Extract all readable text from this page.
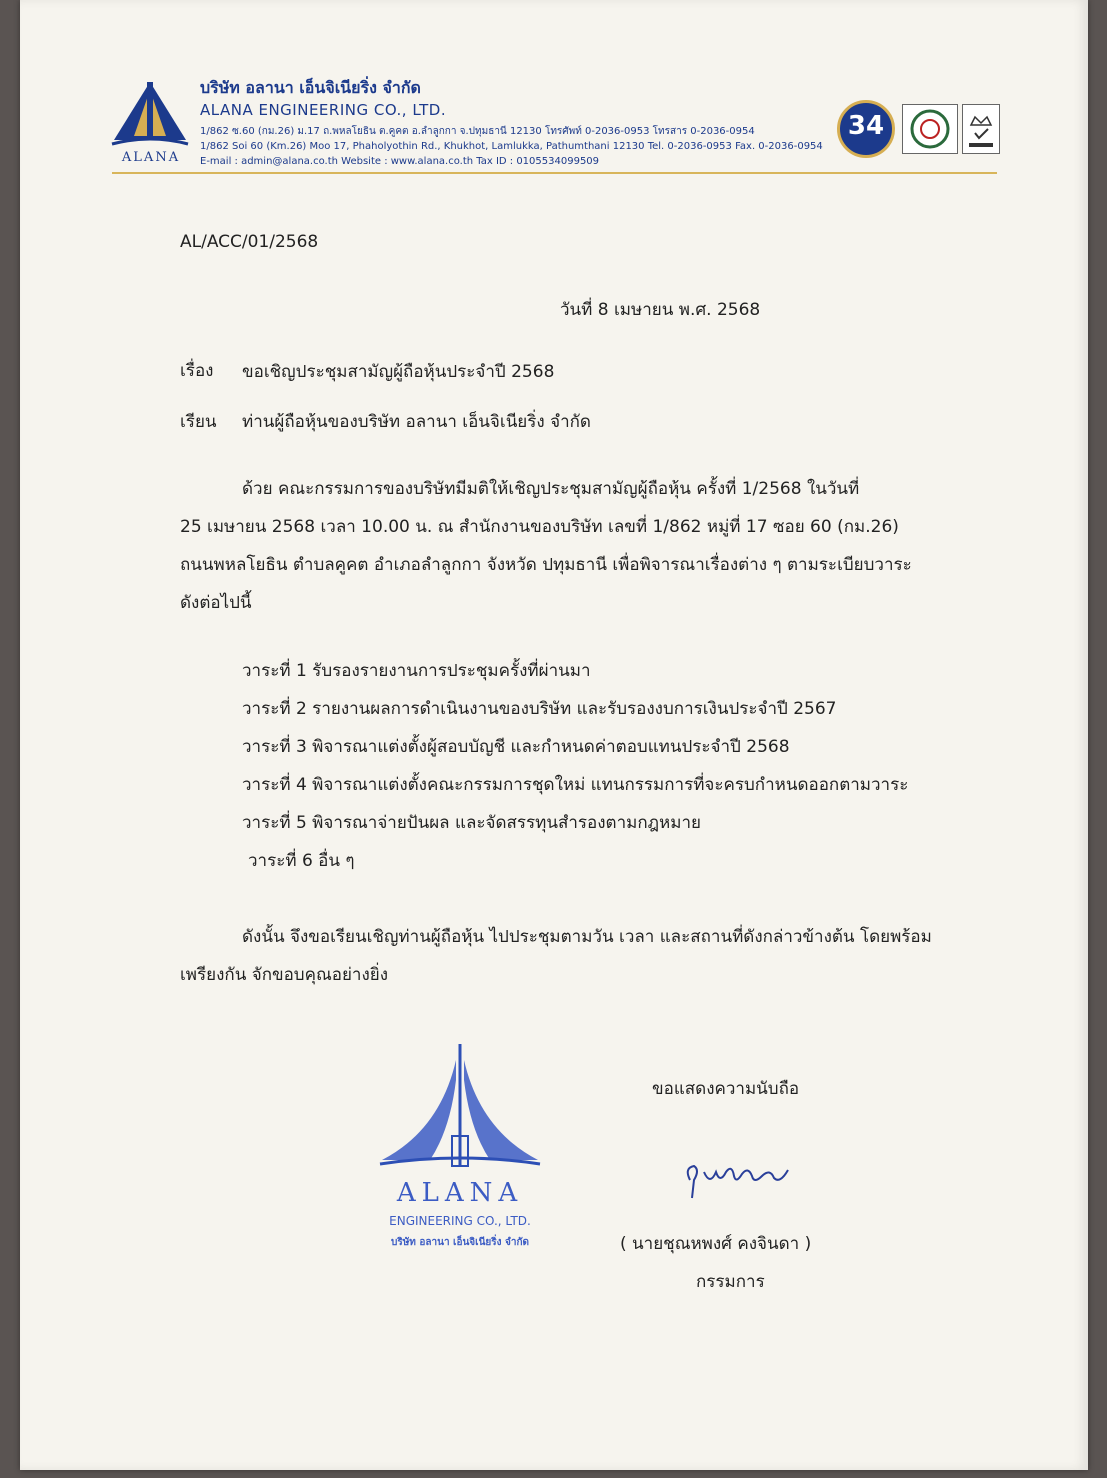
ALANA
บริษัท อลานา เอ็นจิเนียริ่ง จำกัด
ALANA ENGINEERING CO., LTD.
1/862 ซ.60 (กม.26) ม.17 ถ.พหลโยธิน ต.คูคต อ.ลำลูกกา จ.ปทุมธานี 12130 โทรศัพท์ 0-2036-0953 โทรสาร 0-2036-0954
1/862 Soi 60 (Km.26) Moo 17, Phaholyothin Rd., Khukhot, Lamlukka, Pathumthani 12130 Tel. 0-2036-0953 Fax. 0-2036-0954
E-mail : admin@alana.co.th Website : www.alana.co.th Tax ID : 0105534099509
34
AL/ACC/01/2568
วันที่ 8 เมษายน พ.ศ. 2568
เรื่อง ขอเชิญประชุมสามัญผู้ถือหุ้นประจำปี 2568
เรียน ท่านผู้ถือหุ้นของบริษัท อลานา เอ็นจิเนียริ่ง จำกัด
ด้วย คณะกรรมการของบริษัทมีมติให้เชิญประชุมสามัญผู้ถือหุ้น ครั้งที่ 1/2568 ในวันที่
25 เมษายน 2568 เวลา 10.00 น. ณ สำนักงานของบริษัท เลขที่ 1/862 หมู่ที่ 17 ซอย 60 (กม.26)
ถนนพหลโยธิน ตำบลคูคต อำเภอลำลูกกา จังหวัด ปทุมธานี เพื่อพิจารณาเรื่องต่าง ๆ ตามระเบียบวาระ
ดังต่อไปนี้
วาระที่ 1 รับรองรายงานการประชุมครั้งที่ผ่านมา
วาระที่ 2 รายงานผลการดำเนินงานของบริษัท และรับรองงบการเงินประจำปี 2567
วาระที่ 3 พิจารณาแต่งตั้งผู้สอบบัญชี และกำหนดค่าตอบแทนประจำปี 2568
วาระที่ 4 พิจารณาแต่งตั้งคณะกรรมการชุดใหม่ แทนกรรมการที่จะครบกำหนดออกตามวาระ
วาระที่ 5 พิจารณาจ่ายปันผล และจัดสรรทุนสำรองตามกฎหมาย
วาระที่ 6 อื่น ๆ
ดังนั้น จึงขอเรียนเชิญท่านผู้ถือหุ้น ไปประชุมตามวัน เวลา และสถานที่ดังกล่าวข้างต้น โดยพร้อม
เพรียงกัน จักขอบคุณอย่างยิ่ง
ALANA
ENGINEERING CO., LTD.
บริษัท อลานา เอ็นจิเนียริ่ง จำกัด
ขอแสดงความนับถือ
( นายชุณหพงศ์ คงจินดา )
กรรมการ
